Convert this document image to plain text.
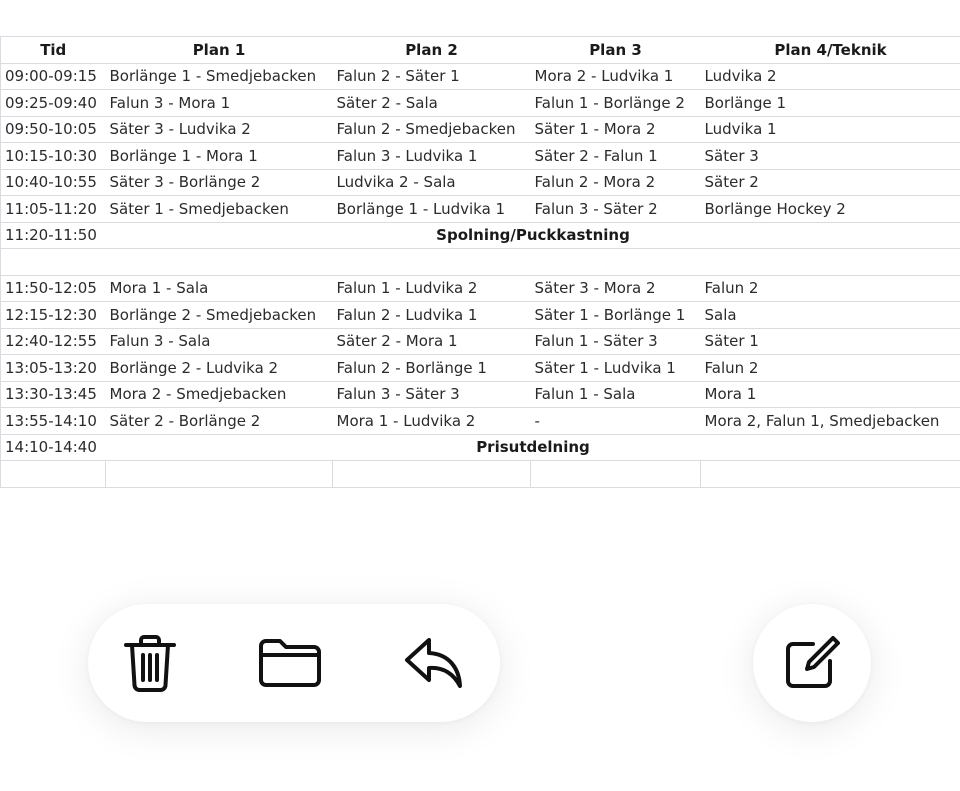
Tid	Plan 1	Plan 2	Plan 3	Plan 4/Teknik
09:00-09:15	Borlänge 1 - Smedjebacken	Falun 2 - Säter 1	Mora 2 - Ludvika 1	Ludvika 2
09:25-09:40	Falun 3 - Mora 1	Säter 2 - Sala	Falun 1 - Borlänge 2	Borlänge 1
09:50-10:05	Säter 3 - Ludvika 2	Falun 2 - Smedjebacken	Säter 1 - Mora 2	Ludvika 1
10:15-10:30	Borlänge 1 - Mora 1	Falun 3 - Ludvika 1	Säter 2 - Falun 1	Säter 3
10:40-10:55	Säter 3 - Borlänge 2	Ludvika 2 - Sala	Falun 2 - Mora 2	Säter 2
11:05-11:20	Säter 1 - Smedjebacken	Borlänge 1 - Ludvika 1	Falun 3 - Säter 2	Borlänge Hockey 2
11:20-11:50	Spolning/Puckkastning			

11:50-12:05	Mora 1 - Sala	Falun 1 - Ludvika 2	Säter 3 - Mora 2	Falun 2
12:15-12:30	Borlänge 2 - Smedjebacken	Falun 2 - Ludvika 1	Säter 1 - Borlänge 1	Sala
12:40-12:55	Falun 3 - Sala	Säter 2 - Mora 1	Falun 1 - Säter 3	Säter 1
13:05-13:20	Borlänge 2 - Ludvika 2	Falun 2 - Borlänge 1	Säter 1 - Ludvika 1	Falun 2
13:30-13:45	Mora 2 - Smedjebacken	Falun 3 - Säter 3	Falun 1 - Sala	Mora 1
13:55-14:10	Säter 2 - Borlänge 2	Mora 1 - Ludvika 2	-	Mora 2, Falun 1, Smedjebacken
14:10-14:40	Prisutdelning			
